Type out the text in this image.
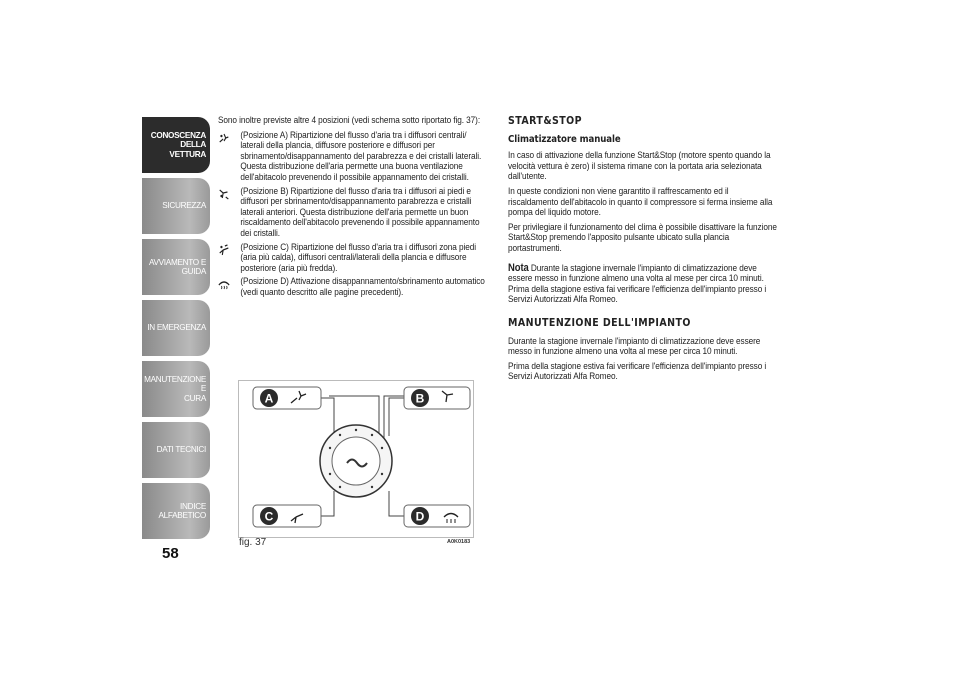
CONOSCENZA
DELLA VETTURA
SICUREZZA
AVVIAMENTO E
GUIDA
IN EMERGENZA
MANUTENZIONE E
CURA
DATI TECNICI
INDICE ALFABETICO
58

Sono inoltre previste altre 4 posizioni (vedi schema sotto riportato fig. 37):

(Posizione A) Ripartizione del flusso d'aria tra i diffusori centrali/ laterali della plancia, diffusore posteriore e diffusori per sbrinamento/disappannamento del parabrezza e dei cristalli laterali. Questa distribuzione dell'aria permette una buona ventilazione dell'abitacolo prevenendo il possibile appannamento dei cristalli.
(Posizione B) Ripartizione del flusso d'aria tra i diffusori ai piedi e diffusori per sbrinamento/disappannamento parabrezza e cristalli laterali anteriori. Questa distribuzione dell'aria permette un buon riscaldamento dell'abitacolo prevenendo il possibile appannamento dei cristalli.
(Posizione C) Ripartizione del flusso d'aria tra i diffusori zona piedi (aria più calda), diffusori centrali/laterali della plancia e diffusore posteriore (aria più fredda).
(Posizione D) Attivazione disappannamento/sbrinamento automatico (vedi quanto descritto alle pagine precedenti).
A	B
C	D
fig. 37	A0K0183
START&STOP
Climatizzatore manuale

In caso di attivazione della funzione Start&Stop (motore spento quando la velocità vettura è zero) il sistema rimane con la portata aria selezionata dall'utente.

In queste condizioni non viene garantito il raffrescamento ed il riscaldamento dell'abitacolo in quanto il compressore si ferma insieme alla pompa del liquido motore.

Per privilegiare il funzionamento del clima è possibile disattivare la funzione Start&Stop premendo l'apposito pulsante ubicato sulla plancia portastrumenti.

Nota Durante la stagione invernale l'impianto di climatizzazione deve essere messo in funzione almeno una volta al mese per circa 10 minuti. Prima della stagione estiva fai verificare l'efficienza dell'impianto presso i Servizi Autorizzati Alfa Romeo.

MANUTENZIONE DELL'IMPIANTO

Durante la stagione invernale l'impianto di climatizzazione deve essere messo in funzione almeno una volta al mese per circa 10 minuti.

Prima della stagione estiva fai verificare l'efficienza dell'impianto presso i Servizi Autorizzati Alfa Romeo.
